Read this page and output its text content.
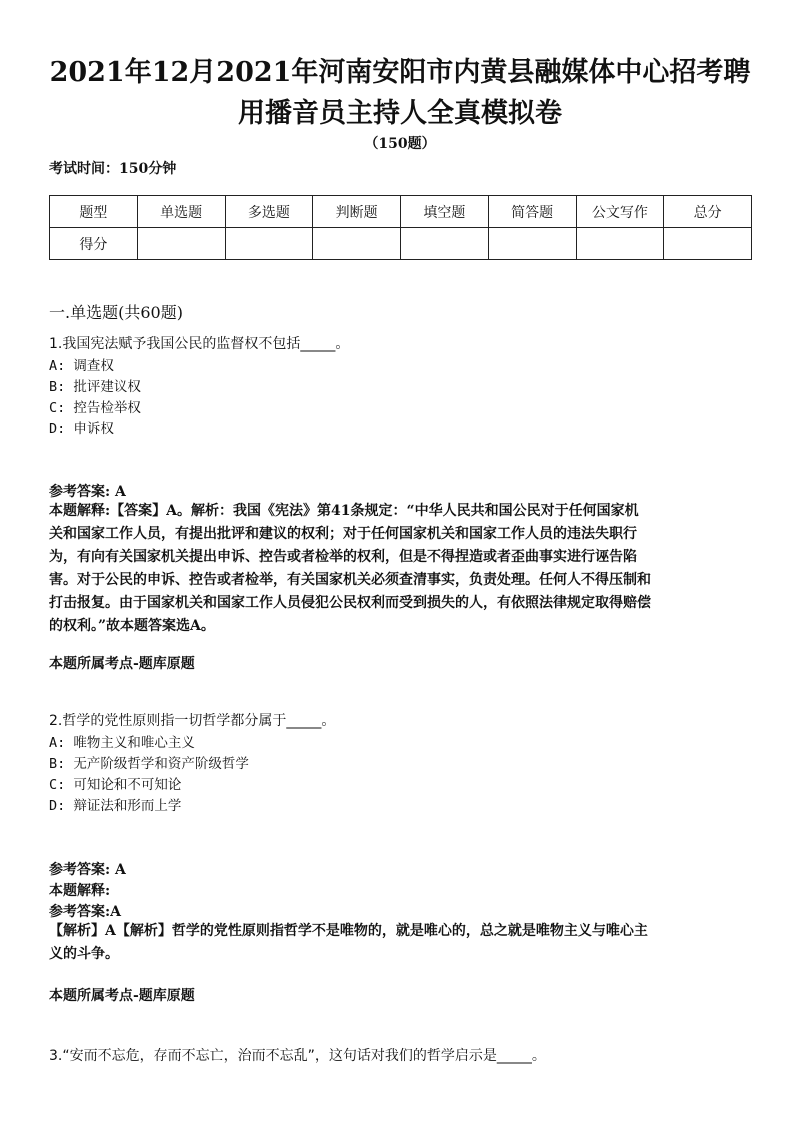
2021年12月2021年河南安阳市内黄县融媒体中心招考聘
用播音员主持人全真模拟卷
（150题）
考试时间：150分钟
题型	单选题	多选题	判断题	填空题	简答题	公文写作	总分
得分							
一.单选题(共60题)
1.我国宪法赋予我国公民的监督权不包括_____。
A: 调查权
B: 批评建议权
C: 控告检举权
D: 申诉权
参考答案: A
本题解释:【答案】A。解析：我国《宪法》第41条规定：“中华人民共和国公民对于任何国家机
关和国家工作人员，有提出批评和建议的权利；对于任何国家机关和国家工作人员的违法失职行
为，有向有关国家机关提出申诉、控告或者检举的权利，但是不得捏造或者歪曲事实进行诬告陷
害。对于公民的申诉、控告或者检举，有关国家机关必须查清事实，负责处理。任何人不得压制和
打击报复。由于国家机关和国家工作人员侵犯公民权利而受到损失的人，有依照法律规定取得赔偿
的权利。”故本题答案选A。
本题所属考点-题库原题
2.哲学的党性原则指一切哲学都分属于_____。
A: 唯物主义和唯心主义
B: 无产阶级哲学和资产阶级哲学
C: 可知论和不可知论
D: 辩证法和形而上学
参考答案: A
本题解释:
参考答案:A
【解析】A【解析】哲学的党性原则指哲学不是唯物的，就是唯心的，总之就是唯物主义与唯心主
义的斗争。
本题所属考点-题库原题
3.“安而不忘危，存而不忘亡，治而不忘乱”，这句话对我们的哲学启示是_____。
